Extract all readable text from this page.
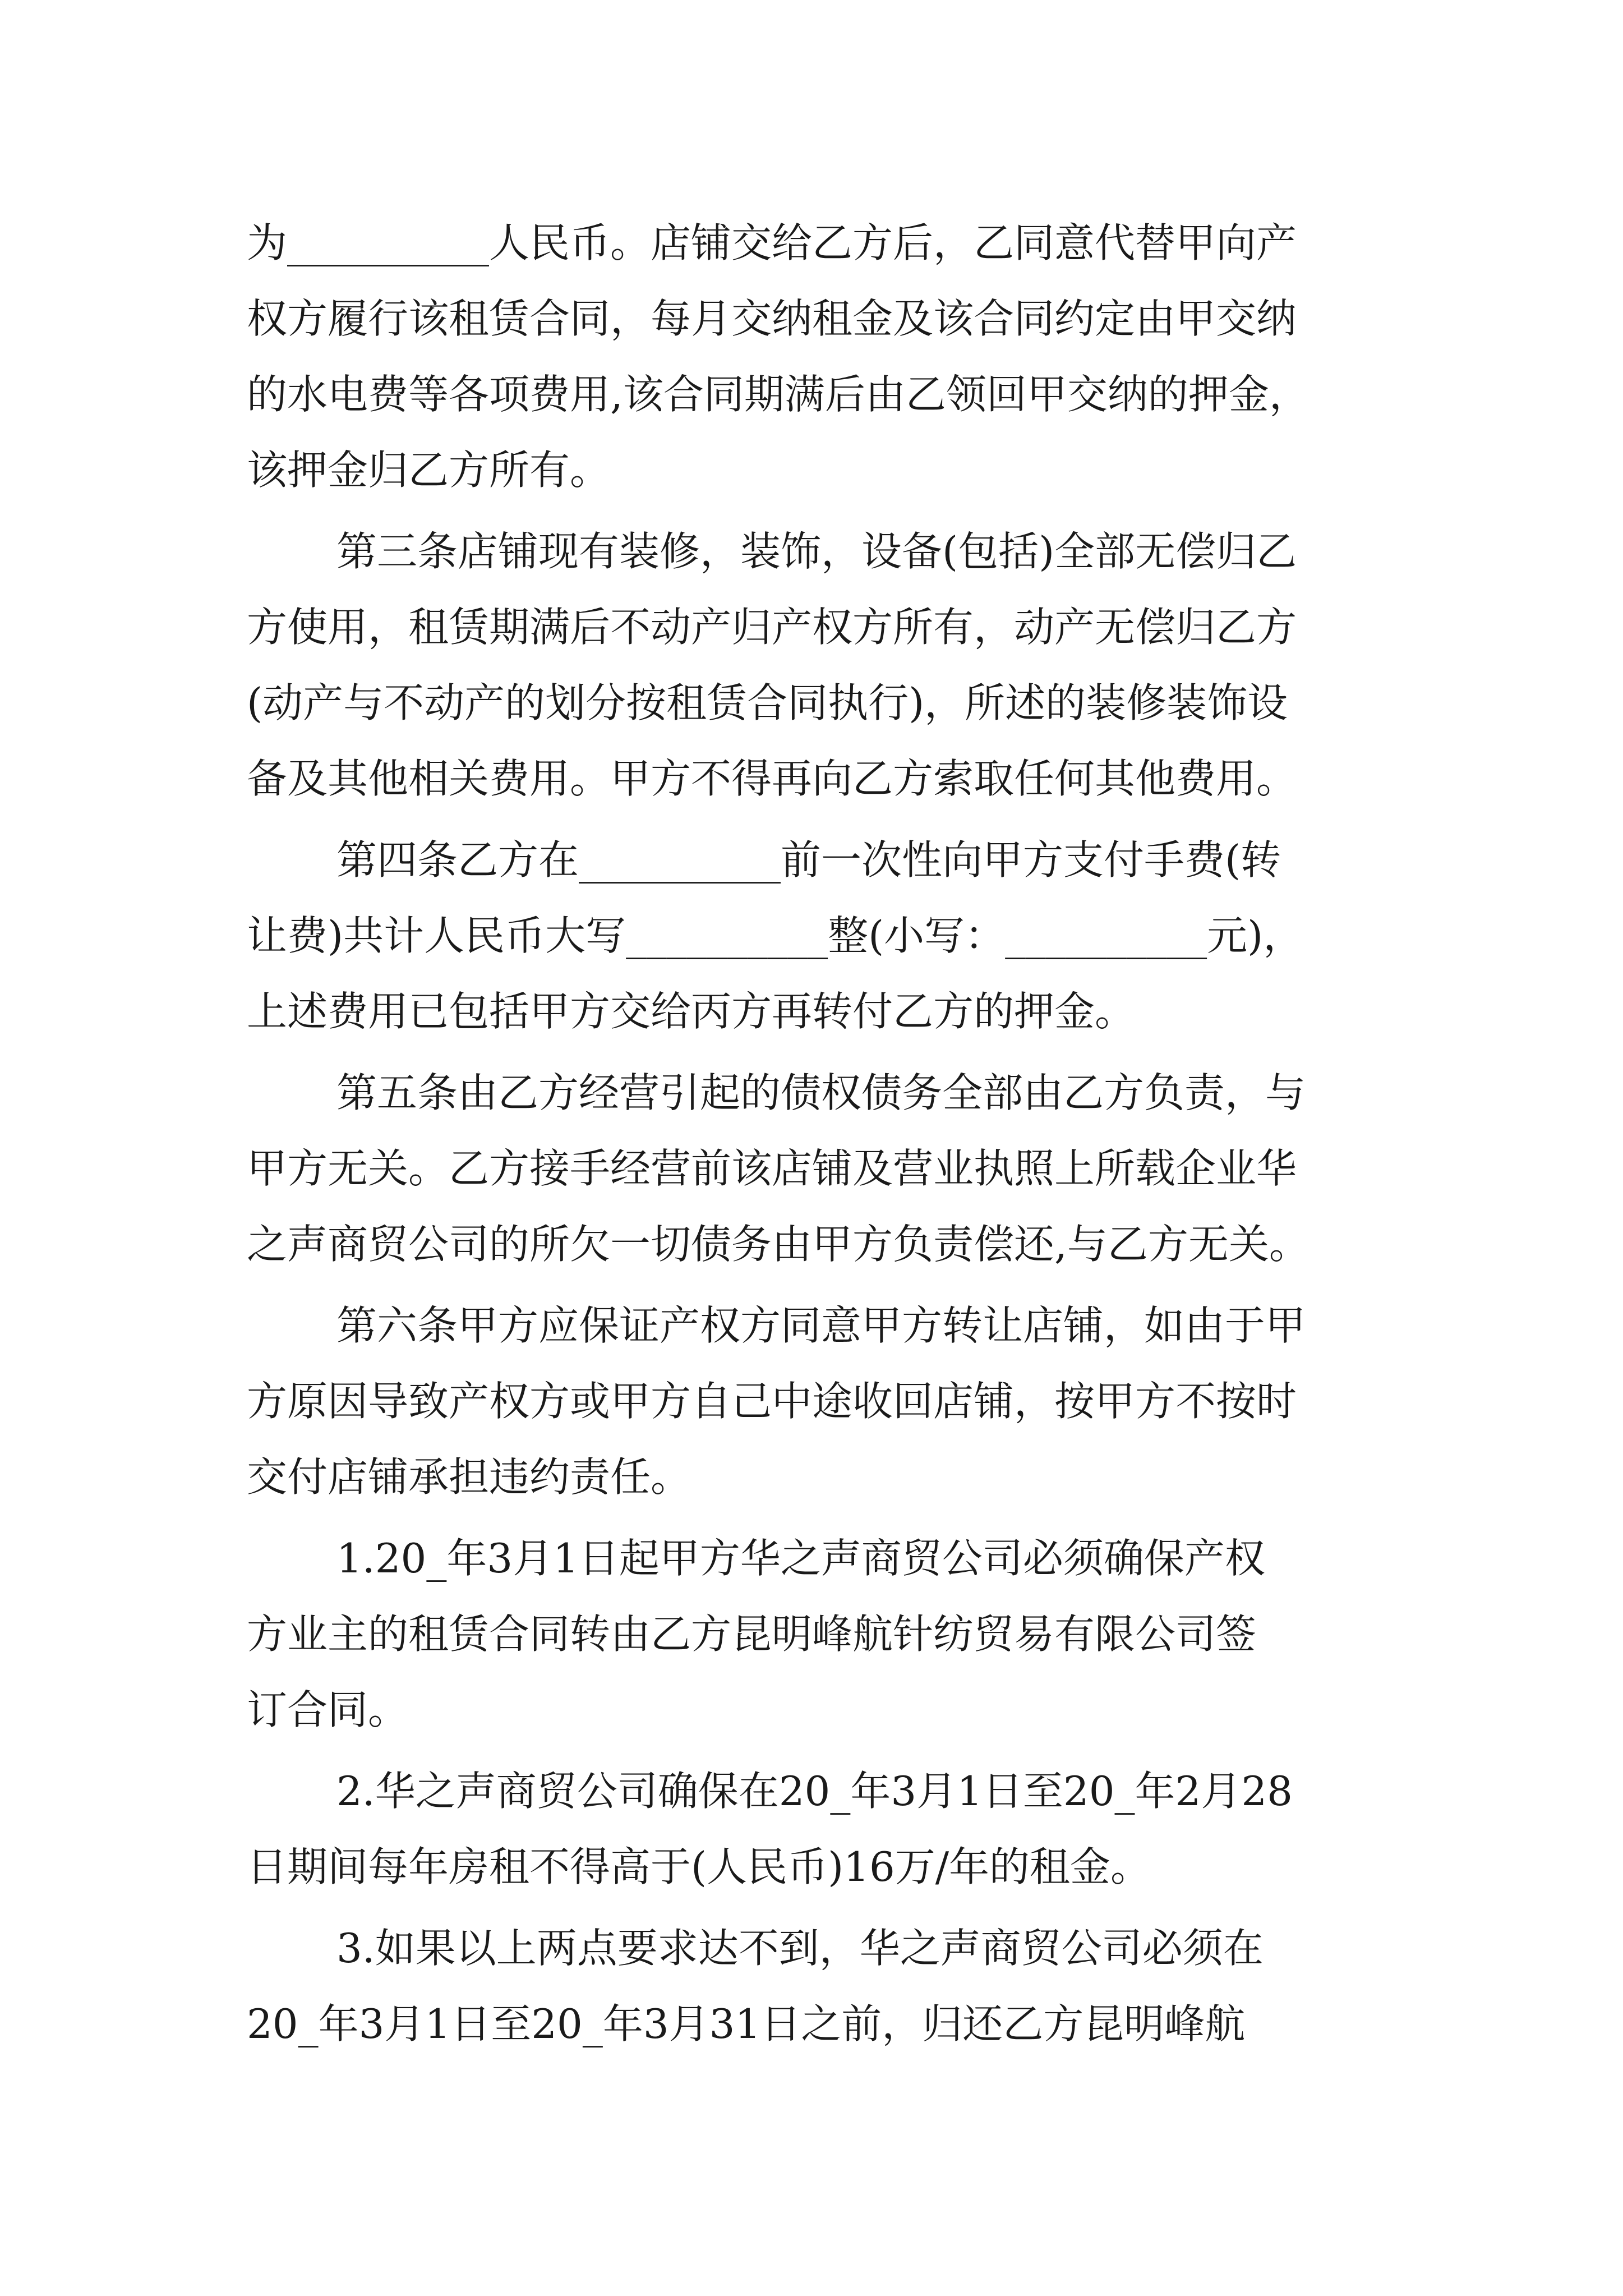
为__________人民币。店铺交给乙方后，乙同意代替甲向产
权方履行该租赁合同，每月交纳租金及该合同约定由甲交纳
的水电费等各项费用,该合同期满后由乙领回甲交纳的押金，
该押金归乙方所有。
第三条店铺现有装修，装饰，设备(包括)全部无偿归乙
方使用，租赁期满后不动产归产权方所有，动产无偿归乙方
(动产与不动产的划分按租赁合同执行)，所述的装修装饰设
备及其他相关费用。甲方不得再向乙方索取任何其他费用。
第四条乙方在__________前一次性向甲方支付手费(转
让费)共计人民币大写__________整(小写：__________元)，
上述费用已包括甲方交给丙方再转付乙方的押金。
第五条由乙方经营引起的债权债务全部由乙方负责，与
甲方无关。乙方接手经营前该店铺及营业执照上所载企业华
之声商贸公司的所欠一切债务由甲方负责偿还,与乙方无关。
第六条甲方应保证产权方同意甲方转让店铺，如由于甲
方原因导致产权方或甲方自己中途收回店铺，按甲方不按时
交付店铺承担违约责任。
1.20_年3月1日起甲方华之声商贸公司必须确保产权
方业主的租赁合同转由乙方昆明峰航针纺贸易有限公司签
订合同。
2.华之声商贸公司确保在20_年3月1日至20_年2月28
日期间每年房租不得高于(人民币)16万/年的租金。
3.如果以上两点要求达不到，华之声商贸公司必须在
20_年3月1日至20_年3月31日之前，归还乙方昆明峰航
